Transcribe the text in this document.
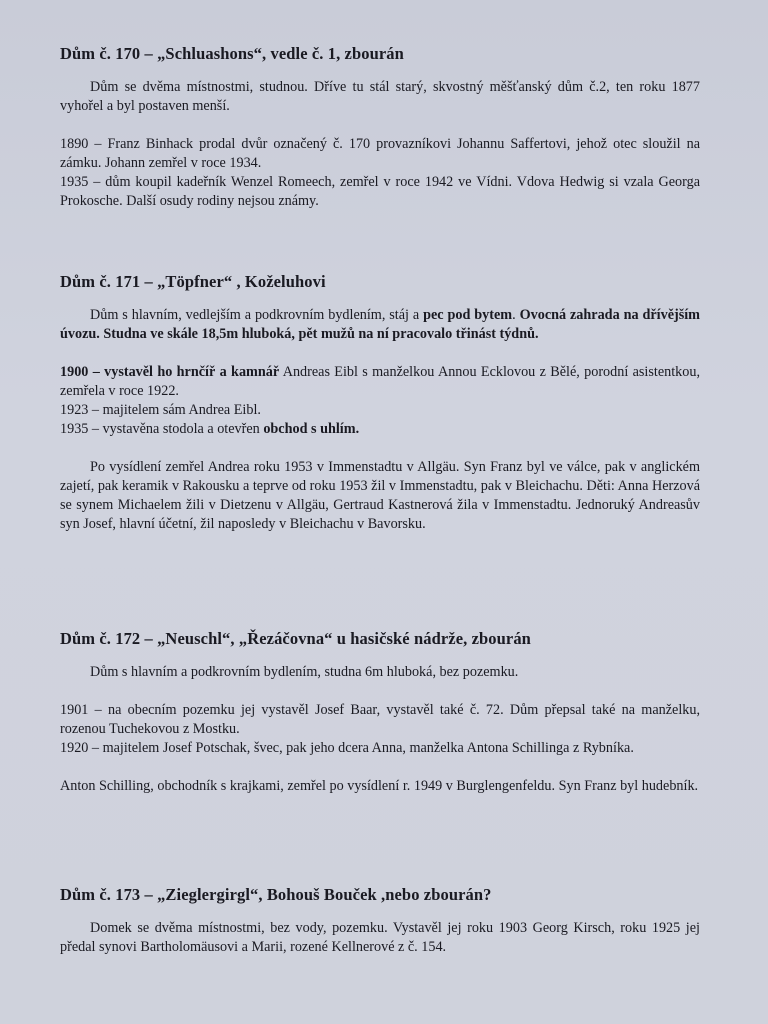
Dům č. 170 – „Schluashons“, vedle č. 1, zbourán

Dům se dvěma místnostmi, studnou. Dříve tu stál starý, skvostný měšťanský dům č.2, ten roku 1877 vyhořel a byl postaven menší.

1890 – Franz Binhack prodal dvůr označený č. 170 provazníkovi Johannu Saffertovi, jehož otec sloužil na zámku. Johann zemřel v roce 1934.

1935 – dům koupil kadeřník Wenzel Romeech, zemřel v roce 1942 ve Vídni. Vdova Hedwig si vzala Georga Prokosche. Další osudy rodiny nejsou známy.

Dům č. 171 – „Töpfner“ , Koželuhovi

Dům s hlavním, vedlejším a podkrovním bydlením, stáj a pec pod bytem. Ovocná zahrada na dřívějším úvozu. Studna ve skále 18,5m hluboká, pět mužů na ní pracovalo třinást týdnů.

1900 – vystavěl ho hrnčíř a kamnář Andreas Eibl s manželkou Annou Ecklovou z Bělé, porodní asistentkou, zemřela v roce 1922.

1923 – majitelem sám Andrea Eibl.

1935 – vystavěna stodola a otevřen obchod s uhlím.

Po vysídlení zemřel Andrea roku 1953 v Immenstadtu v Allgäu. Syn Franz byl ve válce, pak v anglickém zajetí, pak keramik v Rakousku a teprve od roku 1953 žil v Immenstadtu, pak v Bleichachu. Děti: Anna Herzová se synem Michaelem žili v Dietzenu v Allgäu, Gertraud Kastnerová žila v Immenstadtu. Jednoruký Andreasův syn Josef, hlavní účetní, žil naposledy v Bleichachu v Bavorsku.

Dům č. 172 – „Neuschl“, „Řezáčovna“ u hasičské nádrže, zbourán

Dům s hlavním a podkrovním bydlením, studna 6m hluboká, bez pozemku.

1901 – na obecním pozemku jej vystavěl Josef Baar, vystavěl také č. 72. Dům přepsal také na manželku, rozenou Tuchekovou z Mostku.

1920 – majitelem Josef Potschak, švec, pak jeho dcera Anna, manželka Antona Schillinga z Rybníka.

Anton Schilling, obchodník s krajkami, zemřel po vysídlení r. 1949 v Burglengenfeldu. Syn Franz byl hudebník.

Dům č. 173 – „Zieglergirgl“, Bohouš Bouček ,nebo zbourán?

Domek se dvěma místnostmi, bez vody, pozemku. Vystavěl jej roku 1903 Georg Kirsch, roku 1925 jej předal synovi Bartholomäusovi a Marii, rozené Kellnerové z č. 154.
